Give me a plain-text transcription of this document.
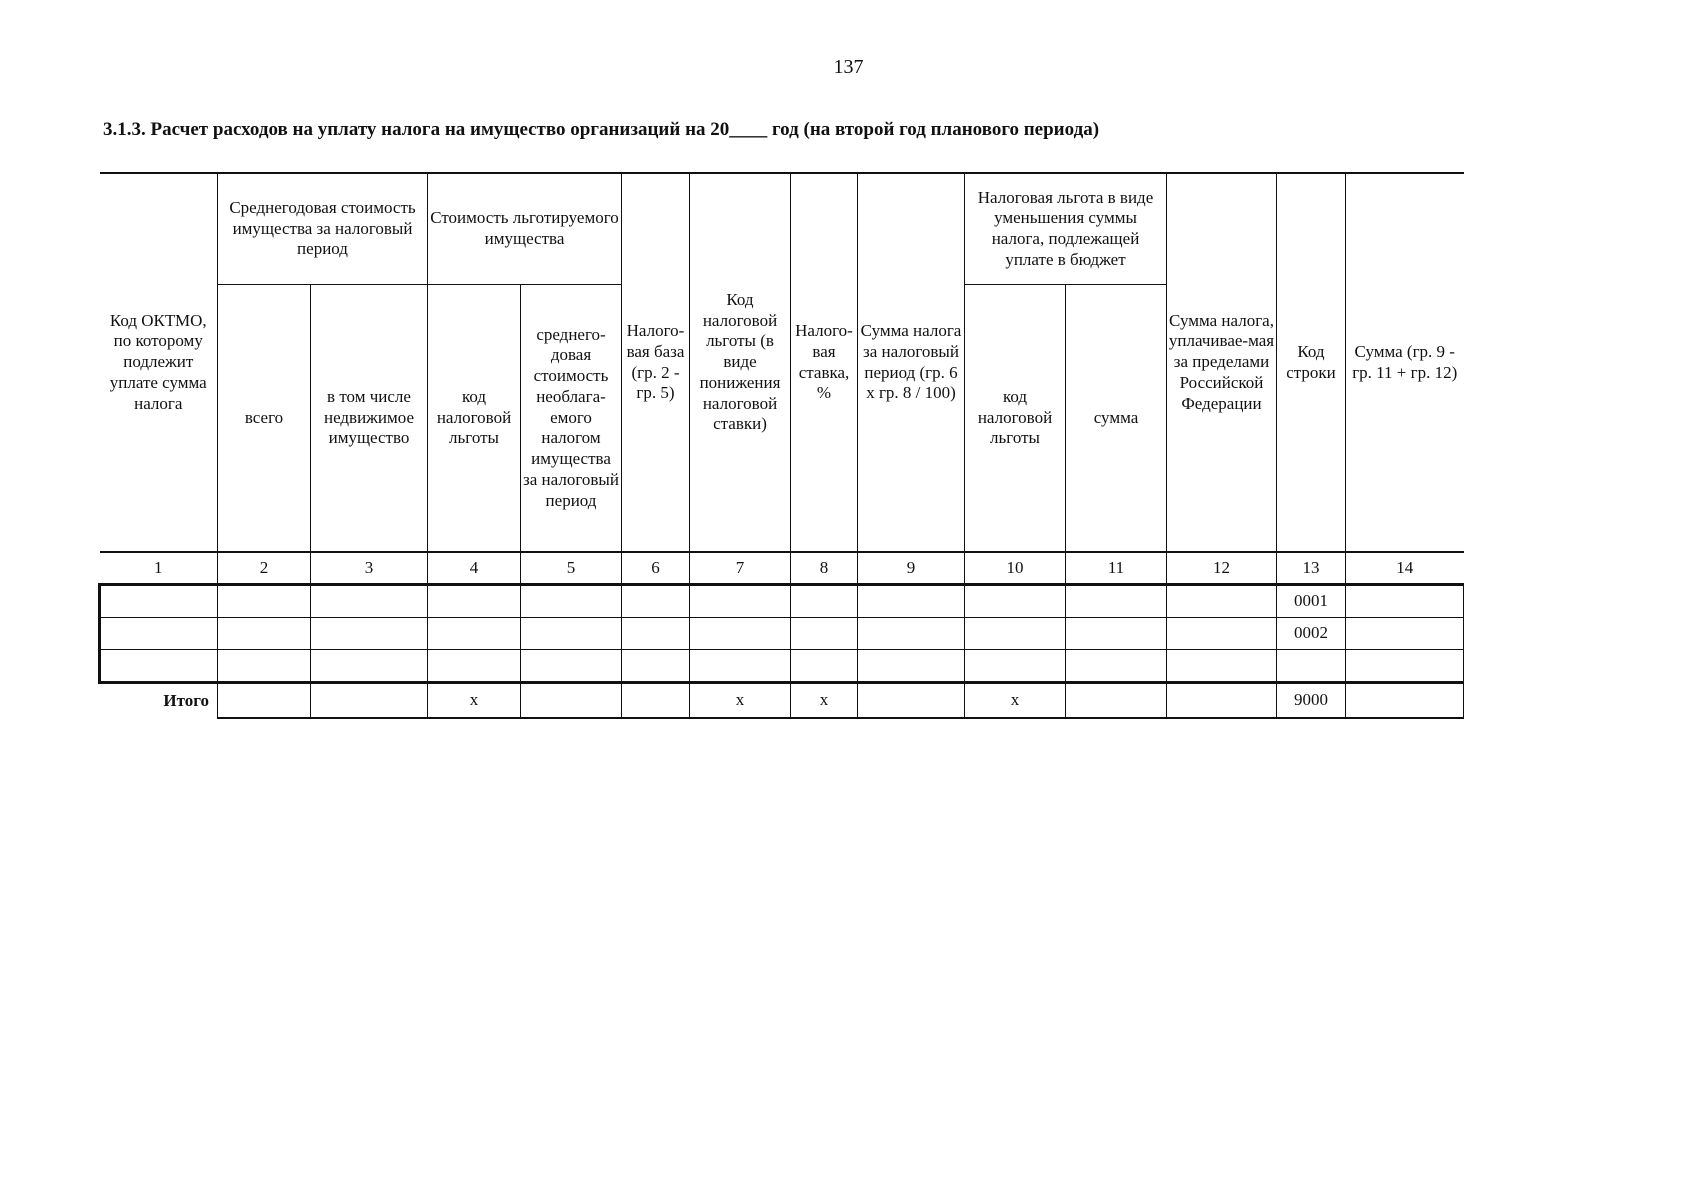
137
3.1.3. Расчет расходов на уплату налога на имущество организаций на 20____ год (на второй год планового периода)
Код ОКТМО, по которому подлежит уплате сумма налога	Среднегодовая стоимость имущества за налоговый период		Стоимость льготируемого имущества		Налого-вая база (гр. 2 - гр. 5)	Код налоговой льготы (в виде понижения налоговой ставки)	Налого-вая ставка, %	Сумма налога за налоговый период (гр. 6 х гр. 8 / 100)	Налоговая льгота в виде уменьшения суммы налога, подлежащей уплате в бюджет		Сумма налога, уплачивае-мая за пределами Российской Федерации	Код строки	Сумма (гр. 9 - гр. 11 + гр. 12)
	всего	в том числе недвижимое имущество	код налоговой льготы	среднего-довая стоимость необлага-емого налогом имущества за налоговый период					код налоговой льготы	сумма			
1	2	3	4	5	6	7	8	9	10	11	12	13	14
												0001	
												0002	

Итого			x			x	x		x			9000	
